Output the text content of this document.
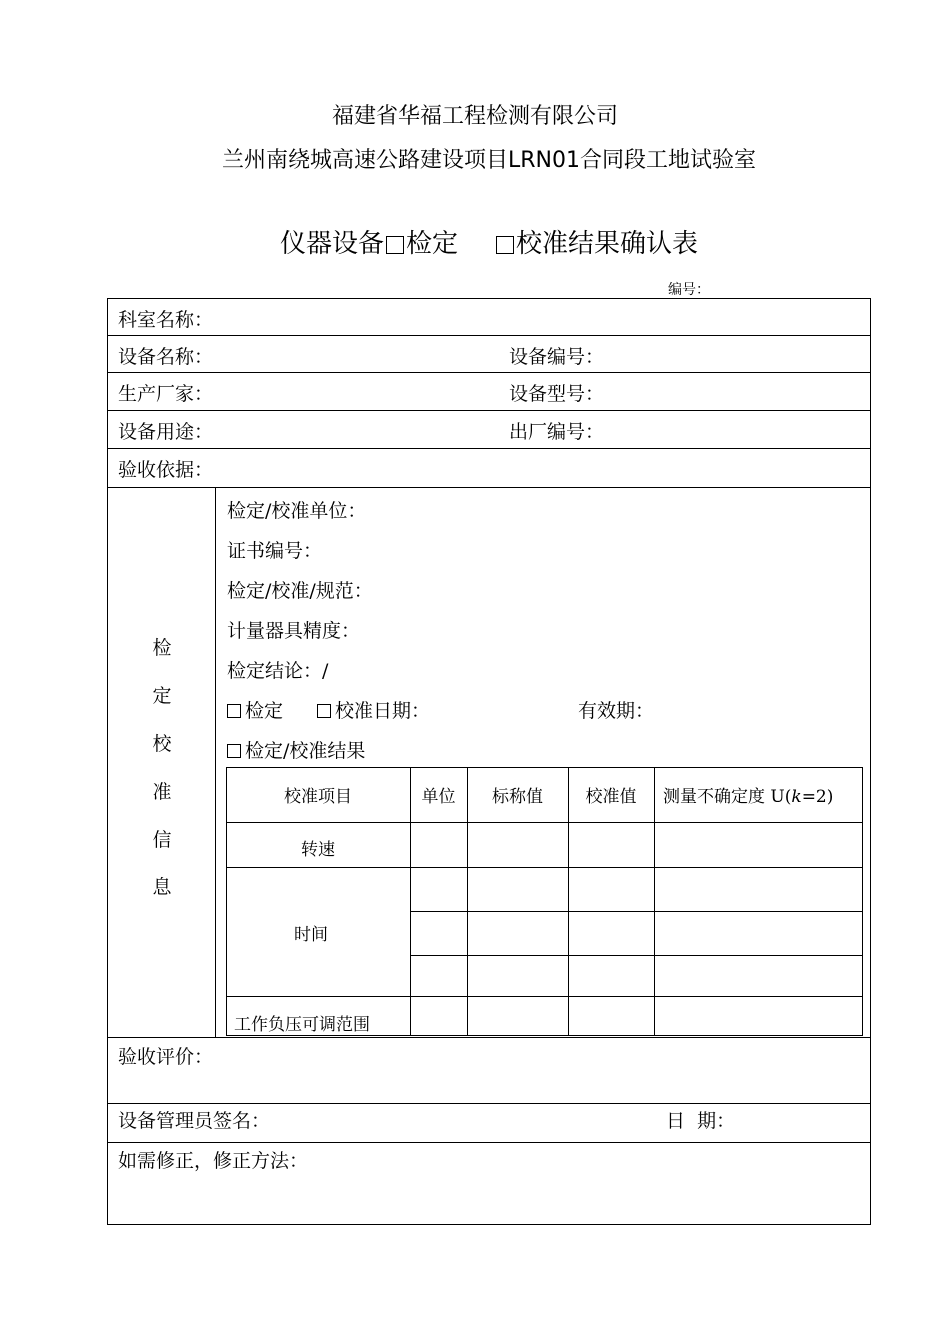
福建省华福工程检测有限公司
兰州南绕城高速公路建设项目LRN01合同段工地试验室
仪器设备 检定 校准结果确认表
编号：
科室名称：
设备名称：	设备编号：
生产厂家：	设备型号：
设备用途：	出厂编号：
验收依据：
检
定
校
准
信
息
检定/校准单位：
证书编号：
检定/校准/规范：
计量器具精度：
检定结论：/
检定	校准日期：	有效期：
检定/校准结果
校准项目	单位	标称值	校准值	测量不确定度 U(k=2)
转速
时间
工作负压可调范围
验收评价：
设备管理员签名：	日  期：
如需修正，修正方法：
